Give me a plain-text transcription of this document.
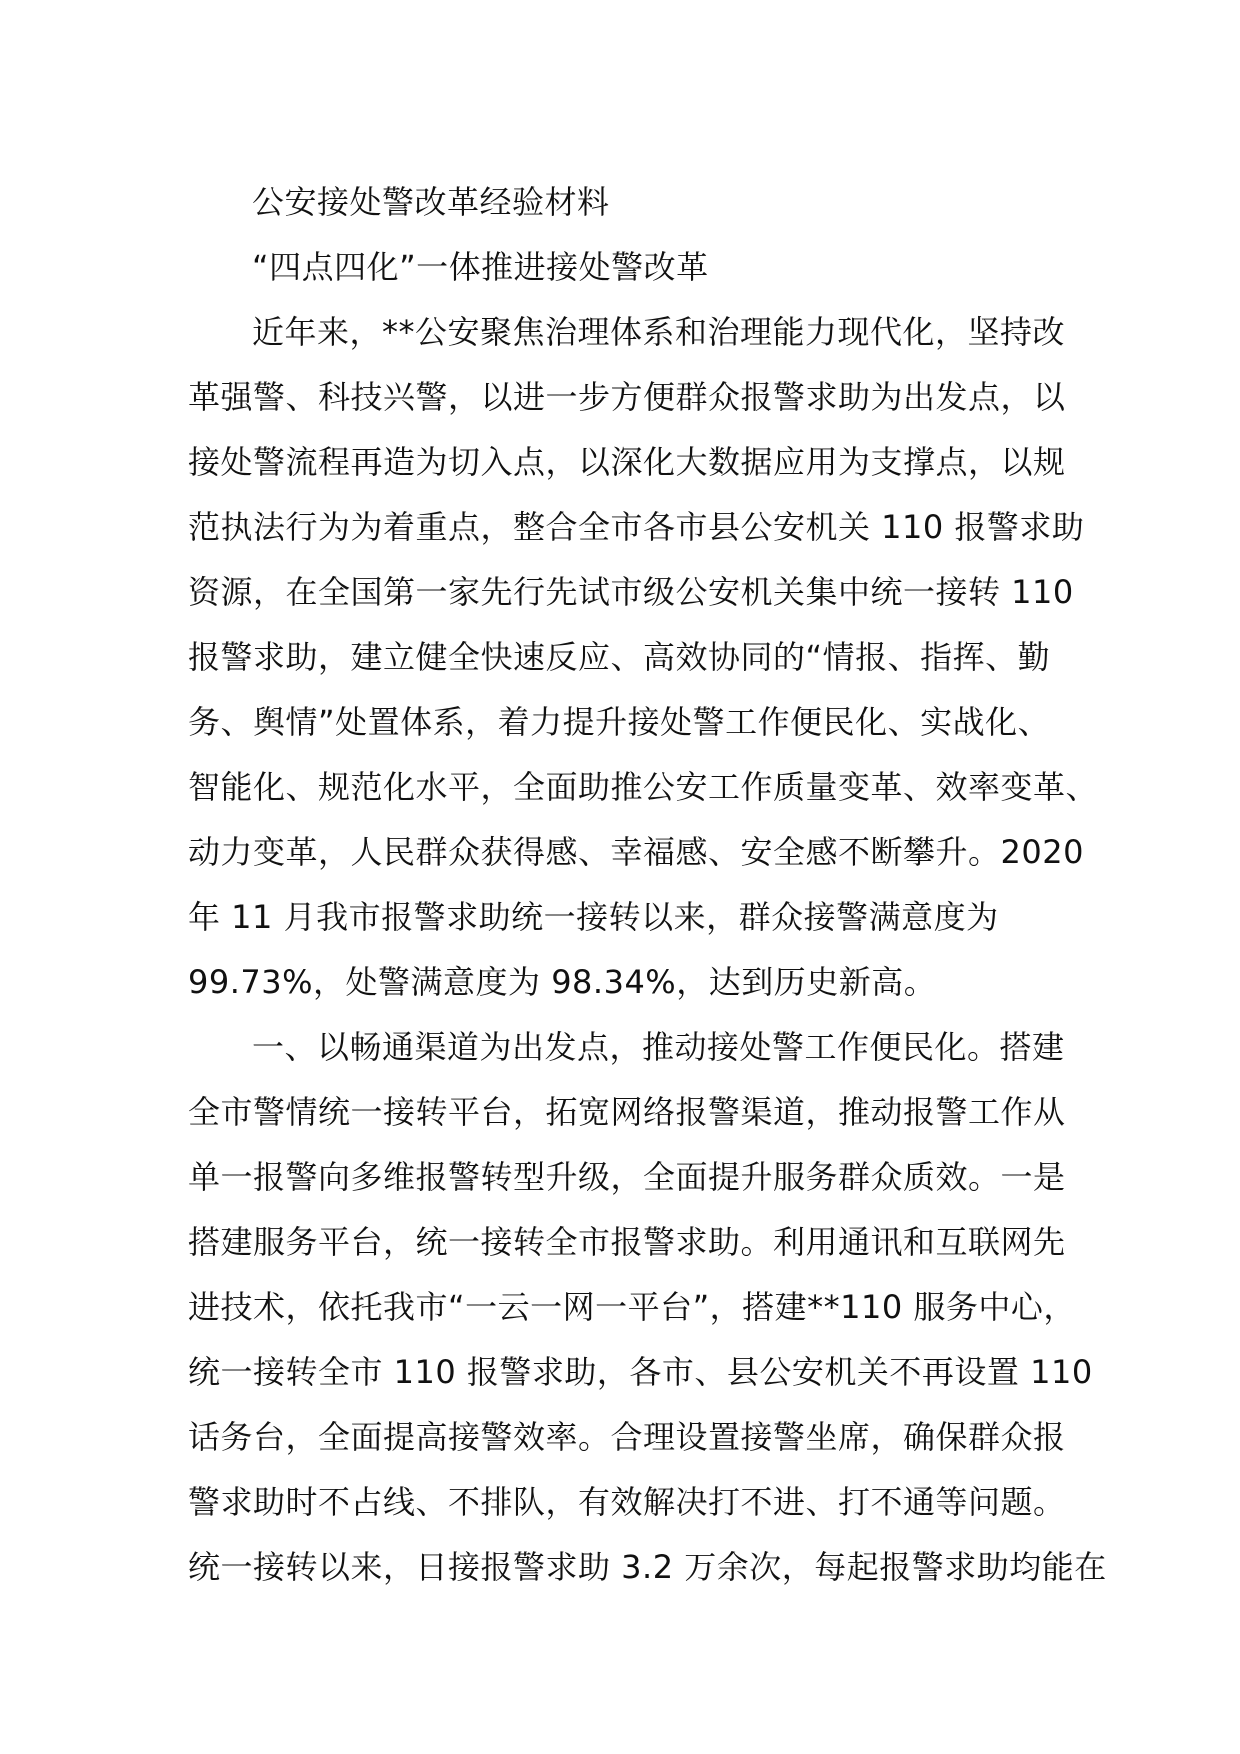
公安接处警改革经验材料
“四点四化”一体推进接处警改革
近年来，**公安聚焦治理体系和治理能力现代化，坚持改
革强警、科技兴警，以进一步方便群众报警求助为出发点，以
接处警流程再造为切入点，以深化大数据应用为支撑点，以规
范执法行为为着重点，整合全市各市县公安机关 110 报警求助
资源，在全国第一家先行先试市级公安机关集中统一接转 110
报警求助，建立健全快速反应、高效协同的“情报、指挥、勤
务、舆情”处置体系，着力提升接处警工作便民化、实战化、
智能化、规范化水平，全面助推公安工作质量变革、效率变革、
动力变革，人民群众获得感、幸福感、安全感不断攀升。2020
年 11 月我市报警求助统一接转以来，群众接警满意度为
99.73%，处警满意度为 98.34%，达到历史新高。
一、以畅通渠道为出发点，推动接处警工作便民化。搭建
全市警情统一接转平台，拓宽网络报警渠道，推动报警工作从
单一报警向多维报警转型升级，全面提升服务群众质效。一是
搭建服务平台，统一接转全市报警求助。利用通讯和互联网先
进技术，依托我市“一云一网一平台”，搭建**110 服务中心，
统一接转全市 110 报警求助，各市、县公安机关不再设置 110
话务台，全面提高接警效率。合理设置接警坐席，确保群众报
警求助时不占线、不排队，有效解决打不进、打不通等问题。
统一接转以来，日接报警求助 3.2 万余次，每起报警求助均能在
